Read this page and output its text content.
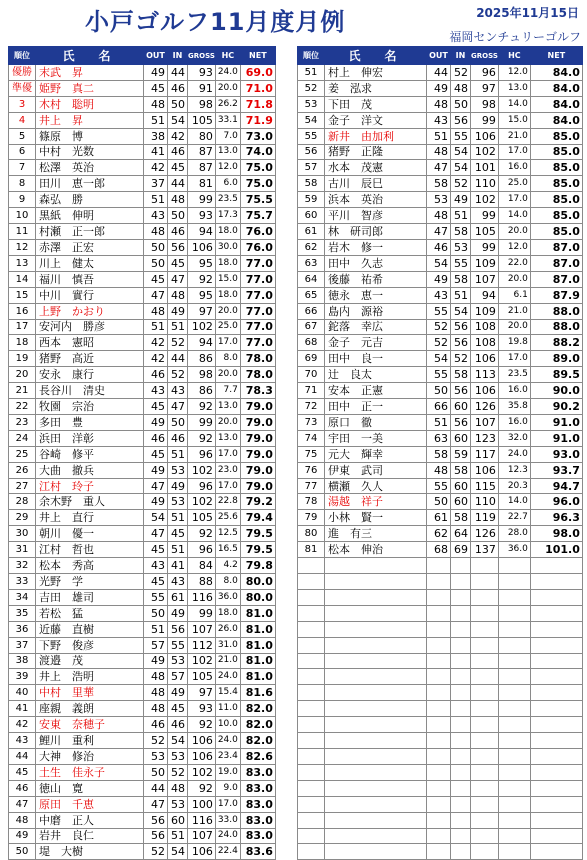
小戸ゴルフ11月度月例	2025年11月15日
福岡センチュリーゴルフ
順位	氏　名	OUT	IN	GROSS	HC	NET
優勝	末武　昇	49	44	93	24.0	69.0
準優	姫野　真二	45	46	91	20.0	71.0
3	木村　聡明	48	50	98	26.2	71.8
4	井上　昇	51	54	105	33.1	71.9
5	篠原　博	38	42	80	7.0	73.0
6	中村　光数	41	46	87	13.0	74.0
7	松澤　英治	42	45	87	12.0	75.0
8	田川　恵一郎	37	44	81	6.0	75.0
9	森弘　勝	51	48	99	23.5	75.5
10	黒紙　伸明	43	50	93	17.3	75.7
11	村瀬　正一郎	48	46	94	18.0	76.0
12	赤澤　正宏	50	56	106	30.0	76.0
13	川上　健太	50	45	95	18.0	77.0
14	福川　慎吾	45	47	92	15.0	77.0
15	中川　實行	47	48	95	18.0	77.0
16	上野　かおり	48	49	97	20.0	77.0
17	安河内　勝彦	51	51	102	25.0	77.0
18	西本　憲昭	42	52	94	17.0	77.0
19	猪野　高近	42	44	86	8.0	78.0
20	安永　康行	46	52	98	20.0	78.0
21	長谷川　清史	43	43	86	7.7	78.3
22	牧園　宗治	45	47	92	13.0	79.0
23	多田　豊	49	50	99	20.0	79.0
24	浜田　洋彰	46	46	92	13.0	79.0
25	谷崎　修平	45	51	96	17.0	79.0
26	大曲　撤兵	49	53	102	23.0	79.0
27	江村　玲子	47	49	96	17.0	79.0
28	余木野　重人	49	53	102	22.8	79.2
29	井上　直行	54	51	105	25.6	79.4
30	朝川　優一	47	45	92	12.5	79.5
31	江村　哲也	45	51	96	16.5	79.5
32	松本　秀高	43	41	84	4.2	79.8
33	光野　学	45	43	88	8.0	80.0
34	吉田　雄司	55	61	116	36.0	80.0
35	若松　猛	50	49	99	18.0	81.0
36	近藤　直樹	51	56	107	26.0	81.0
37	下野　俊彦	57	55	112	31.0	81.0
38	渡邉　茂	49	53	102	21.0	81.0
39	井上　浩明	48	57	105	24.0	81.0
40	中村　里華	48	49	97	15.4	81.6
41	座親　義朗	48	45	93	11.0	82.0
42	安東　奈穂子	46	46	92	10.0	82.0
43	鯉川　重利	52	54	106	24.0	82.0
44	大神　修治	53	53	106	23.4	82.6
45	土生　佳永子	50	52	102	19.0	83.0
46	徳山　寛	44	48	92	9.0	83.0
47	原田　千恵	47	53	100	17.0	83.0
48	中磨　正人	56	60	116	33.0	83.0
49	岩井　良仁	56	51	107	24.0	83.0
50	堤　大樹	52	54	106	22.4	83.6
順位	氏　名	OUT	IN	GROSS	HC	NET
51	村上　伸宏	44	52	96	12.0	84.0
52	姜　泓求	49	48	97	13.0	84.0
53	下田　茂	48	50	98	14.0	84.0
54	金子　洋文	43	56	99	15.0	84.0
55	新井　由加利	51	55	106	21.0	85.0
56	猪野　正隆	48	54	102	17.0	85.0
57	水本　茂憲	47	54	101	16.0	85.0
58	古川　辰巳	58	52	110	25.0	85.0
59	浜本　英治	53	49	102	17.0	85.0
60	平川　智彦	48	51	99	14.0	85.0
61	林　研司郎	47	58	105	20.0	85.0
62	岩木　修一	46	53	99	12.0	87.0
63	田中　久志	54	55	109	22.0	87.0
64	後藤　祐希	49	58	107	20.0	87.0
65	徳永　恵一	43	51	94	6.1	87.9
66	島内　源裕	55	54	109	21.0	88.0
67	鉈落　幸広	52	56	108	20.0	88.0
68	金子　元吉	52	56	108	19.8	88.2
69	田中　良一	54	52	106	17.0	89.0
70	辻　良太	55	58	113	23.5	89.5
71	安本　正憲	50	56	106	16.0	90.0
72	田中　正一	66	60	126	35.8	90.2
73	原口　徹	51	56	107	16.0	91.0
74	宇田　一美	63	60	123	32.0	91.0
75	元大　輝幸	58	59	117	24.0	93.0
76	伊東　武司	48	58	106	12.3	93.7
77	横瀬　久人	55	60	115	20.3	94.7
78	湯越　祥子	50	60	110	14.0	96.0
79	小林　賢一	61	58	119	22.7	96.3
80	進　有三	62	64	126	28.0	98.0
81	松本　伸治	68	69	137	36.0	101.0
